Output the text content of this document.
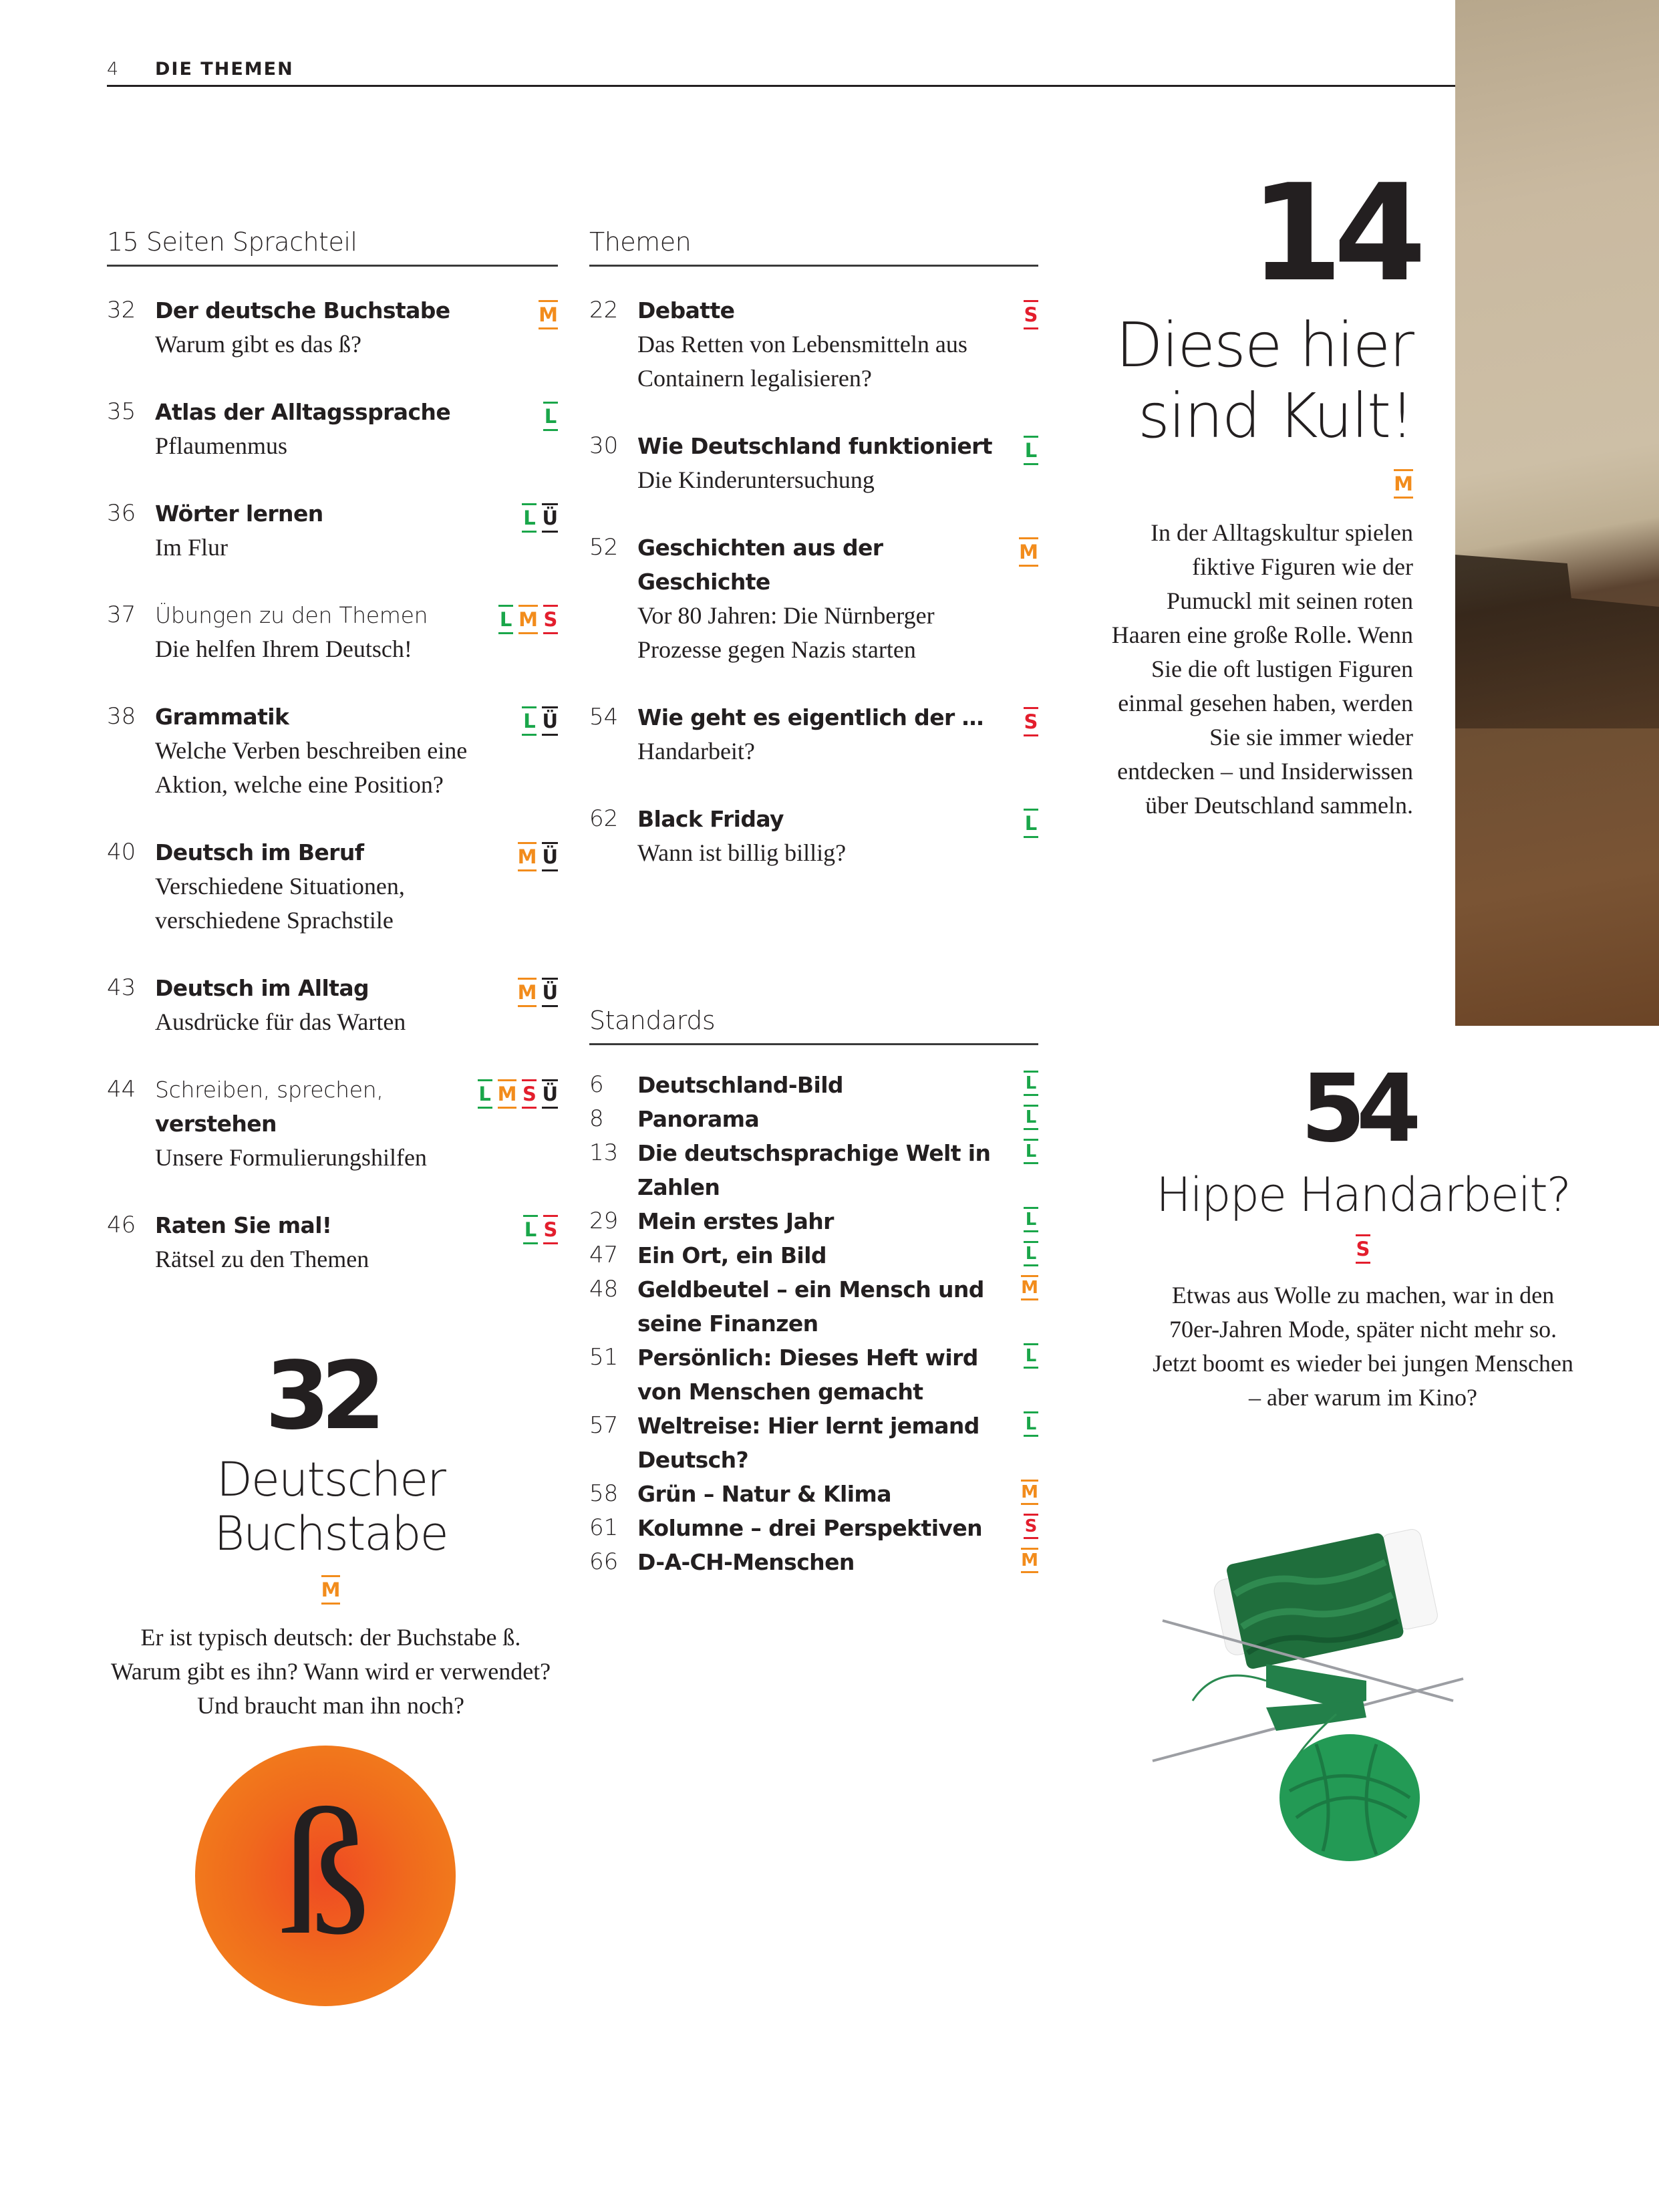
4 DIE THEMEN
15 Seiten Sprachteil
32 Der deutsche Buchstabe
Warum gibt es das ß?
M
35 Atlas der Alltagssprache
Pflaumenmus
L
36 Wörter lernen
Im Flur
L Ü
37 Übungen zu den Themen
Die helfen Ihrem Deutsch!
L M S
38 Grammatik
Welche Verben beschreiben eine Aktion, welche eine Position?
L Ü
40 Deutsch im Beruf
Verschiedene Situationen, verschiedene Sprachstile
M Ü
43 Deutsch im Alltag
Ausdrücke für das Warten
M Ü
44 Schreiben, sprechen,
verstehen
Unsere Formulierungshilfen
L M S Ü
46 Raten Sie mal!
Rätsel zu den Themen
L S
Themen
22 Debatte
Das Retten von Lebensmitteln aus Containern legalisieren?
S
30 Wie Deutschland funktioniert
Die Kinderuntersuchung
L
52 Geschichten aus der Geschichte
Vor 80 Jahren: Die Nürnberger Prozesse gegen Nazis starten
M
54 Wie geht es eigentlich der …
Handarbeit?
S
62 Black Friday
Wann ist billig billig?
L
Standards
6	Deutschland-Bild	L
8	Panorama	L
13 Die deutschsprachige Welt in Zahlen
L
29 Mein erstes Jahr	L
47 Ein Ort, ein Bild	L
48 Geldbeutel – ein Mensch und seine Finanzen
M
51 Persönlich: Dieses Heft wird von Menschen gemacht
L
57 Weltreise: Hier lernt jemand Deutsch?
L
58 Grün – Natur & Klima	M
61 Kolumne – drei Perspektiven	S
66 D-A-CH-Menschen	M
14
Diese hier
sind Kult!
M
In der Alltagskultur spielen fiktive Figuren wie der Pumuckl mit seinen roten Haaren eine große Rolle. Wenn Sie die oft lustigen Figuren einmal gesehen haben, werden Sie sie immer wieder entdecken – und Insiderwissen über Deutschland sammeln.
54
Hippe Handarbeit?
S
Etwas aus Wolle zu machen, war in den 70er-Jahren Mode, später nicht mehr so. Jetzt boomt es wieder bei jungen Menschen – aber warum im Kino?
32
Deutscher Buchstabe
M
Er ist typisch deutsch: der Buchstabe ß. Warum gibt es ihn? Wann wird er verwendet? Und braucht man ihn noch?
ß
